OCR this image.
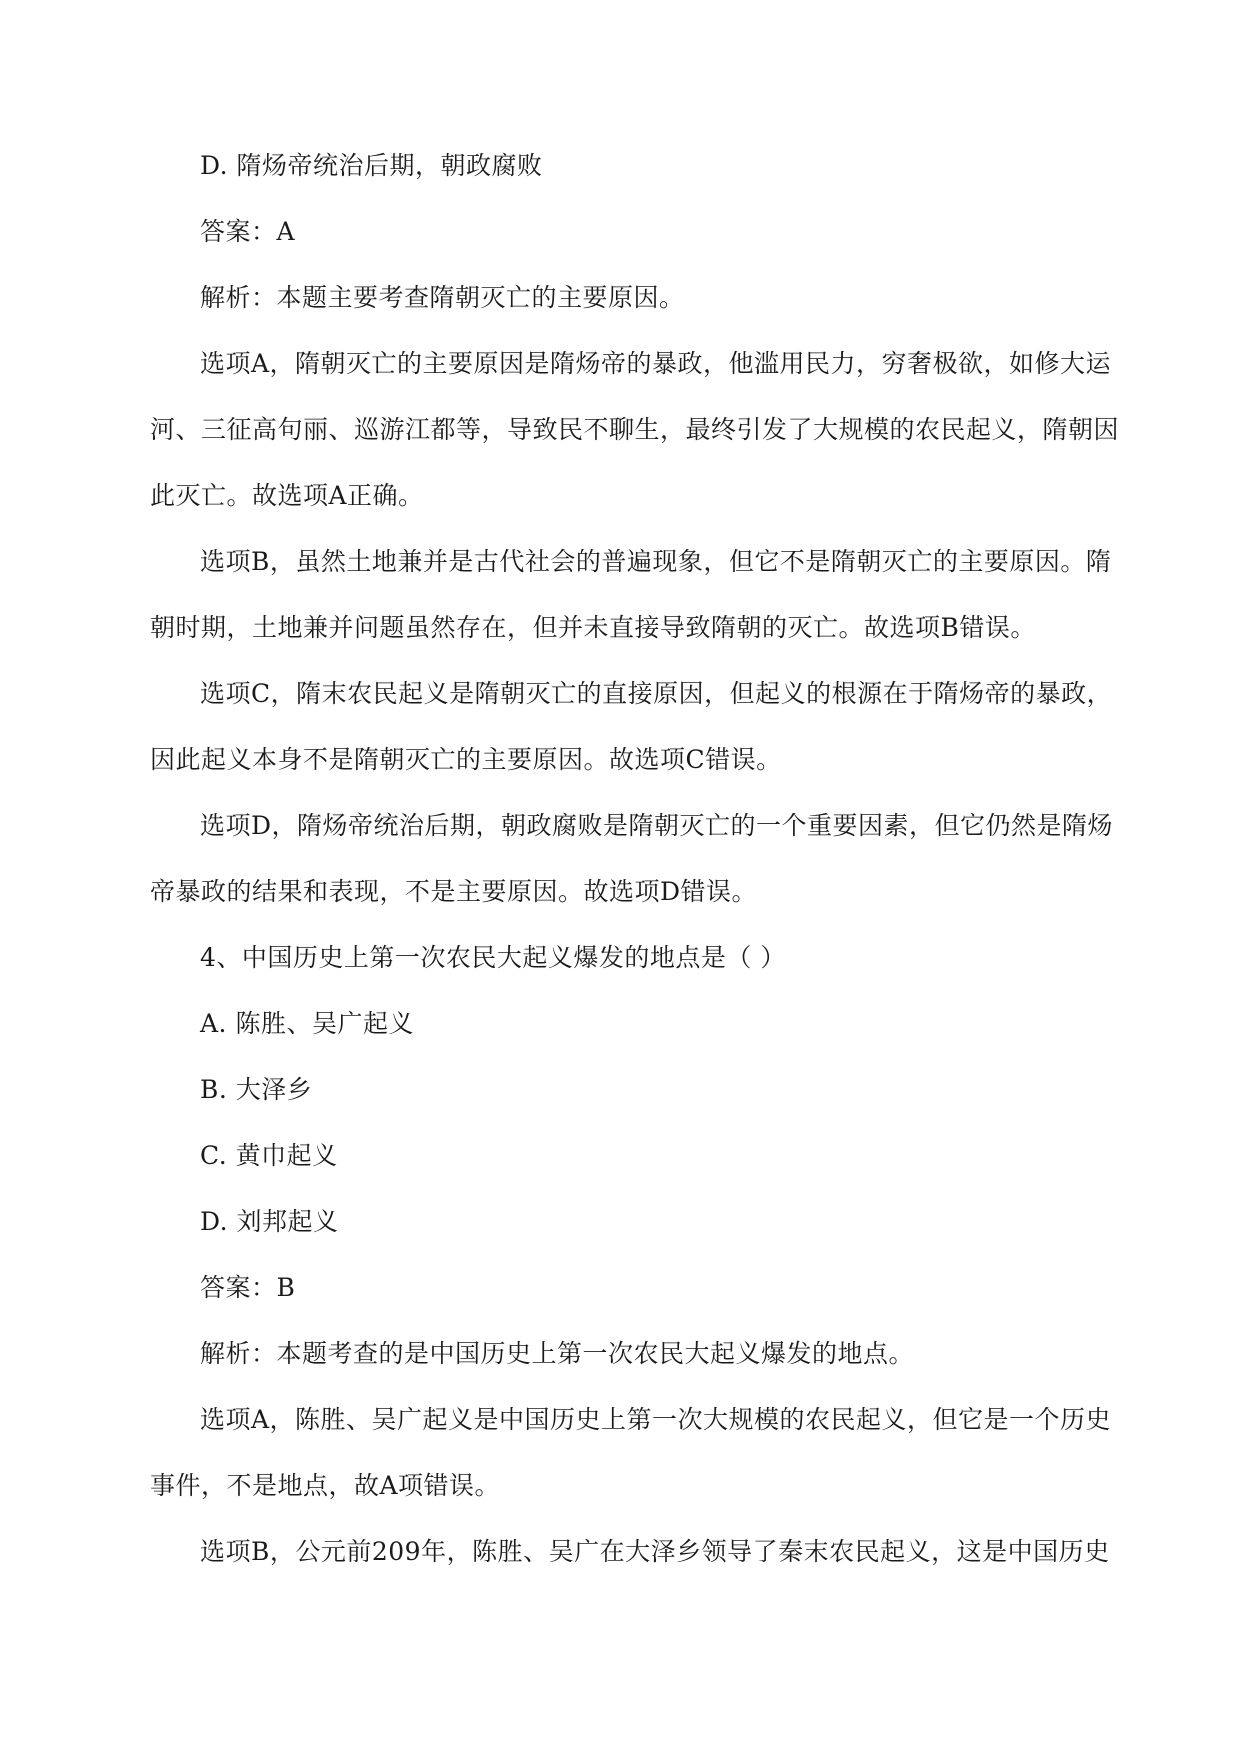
D. 隋炀帝统治后期，朝政腐败
答案：A
解析：本题主要考查隋朝灭亡的主要原因。
选项A，隋朝灭亡的主要原因是隋炀帝的暴政，他滥用民力，穷奢极欲，如修大运
河、三征高句丽、巡游江都等，导致民不聊生，最终引发了大规模的农民起义，隋朝因
此灭亡。故选项A正确。
选项B，虽然土地兼并是古代社会的普遍现象，但它不是隋朝灭亡的主要原因。隋
朝时期，土地兼并问题虽然存在，但并未直接导致隋朝的灭亡。故选项B错误。
选项C，隋末农民起义是隋朝灭亡的直接原因，但起义的根源在于隋炀帝的暴政，
因此起义本身不是隋朝灭亡的主要原因。故选项C错误。
选项D，隋炀帝统治后期，朝政腐败是隋朝灭亡的一个重要因素，但它仍然是隋炀
帝暴政的结果和表现，不是主要原因。故选项D错误。
4、中国历史上第一次农民大起义爆发的地点是（ ）
A. 陈胜、吴广起义
B. 大泽乡
C. 黄巾起义
D. 刘邦起义
答案：B
解析：本题考查的是中国历史上第一次农民大起义爆发的地点。
选项A，陈胜、吴广起义是中国历史上第一次大规模的农民起义，但它是一个历史
事件，不是地点，故A项错误。
选项B，公元前209年，陈胜、吴广在大泽乡领导了秦末农民起义，这是中国历史
